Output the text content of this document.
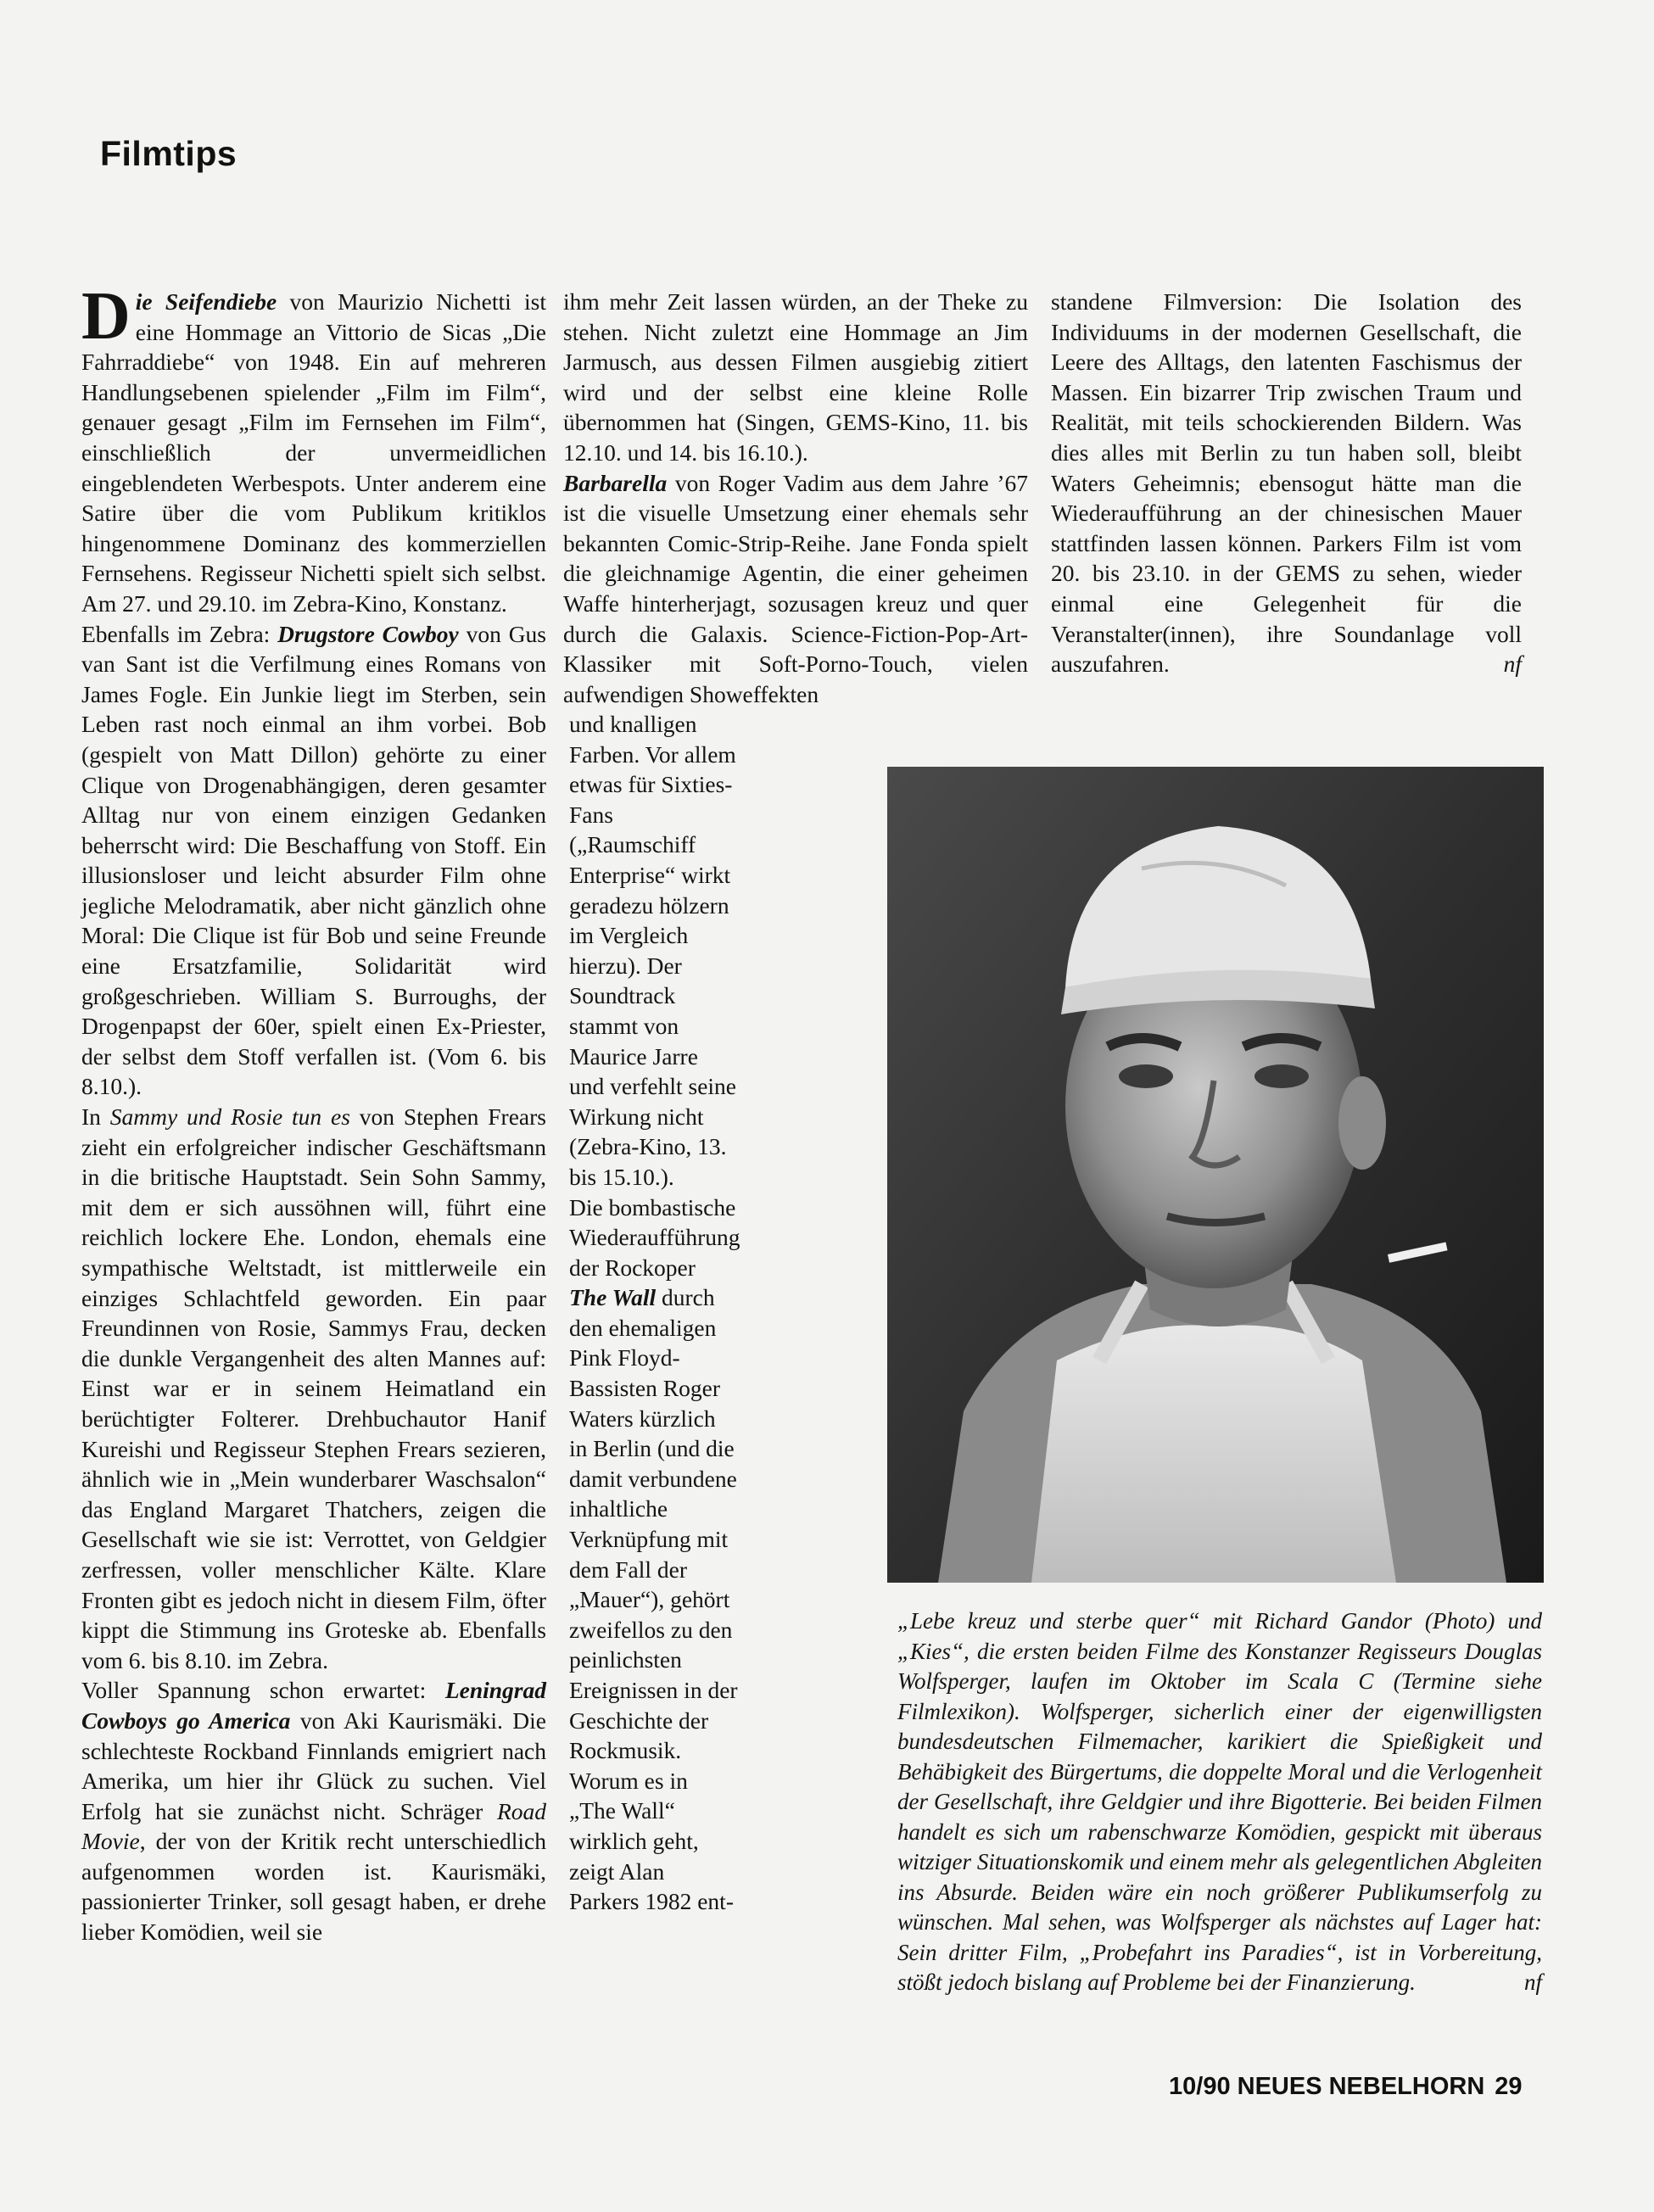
Filmtips

Die Seifendiebe von Maurizio Nichetti ist eine Hommage an Vittorio de Sicas „Die Fahrraddiebe“ von 1948. Ein auf mehreren Handlungsebenen spielender „Film im Film“, genauer gesagt „Film im Fernsehen im Film“, einschließlich der unvermeidlichen eingeblendeten Werbespots. Unter anderem eine Satire über die vom Publikum kritiklos hingenommene Dominanz des kommerziellen Fernsehens. Regisseur Nichetti spielt sich selbst. Am 27. und 29.10. im Zebra-Kino, Konstanz.

Ebenfalls im Zebra: Drugstore Cowboy von Gus van Sant ist die Verfilmung eines Romans von James Fogle. Ein Junkie liegt im Sterben, sein Leben rast noch einmal an ihm vorbei. Bob (gespielt von Matt Dillon) gehörte zu einer Clique von Drogenabhängigen, deren gesamter Alltag nur von einem einzigen Gedanken beherrscht wird: Die Beschaffung von Stoff. Ein illusionsloser und leicht absurder Film ohne jegliche Melodramatik, aber nicht gänzlich ohne Moral: Die Clique ist für Bob und seine Freunde eine Ersatzfamilie, Solidarität wird großgeschrieben. William S. Burroughs, der Drogenpapst der 60er, spielt einen Ex-Priester, der selbst dem Stoff verfallen ist. (Vom 6. bis 8.10.).

In Sammy und Rosie tun es von Stephen Frears zieht ein erfolgreicher indischer Geschäftsmann in die britische Hauptstadt. Sein Sohn Sammy, mit dem er sich aussöhnen will, führt eine reichlich lockere Ehe. London, ehemals eine sympathische Weltstadt, ist mittlerweile ein einziges Schlachtfeld geworden. Ein paar Freundinnen von Rosie, Sammys Frau, decken die dunkle Vergangenheit des alten Mannes auf: Einst war er in seinem Heimatland ein berüchtigter Folterer. Drehbuchautor Hanif Kureishi und Regisseur Stephen Frears sezieren, ähnlich wie in „Mein wunderbarer Waschsalon“ das England Margaret Thatchers, zeigen die Gesellschaft wie sie ist: Verrottet, von Geldgier zerfressen, voller menschlicher Kälte. Klare Fronten gibt es jedoch nicht in diesem Film, öfter kippt die Stimmung ins Groteske ab. Ebenfalls vom 6. bis 8.10. im Zebra.

Voller Spannung schon erwartet: Leningrad Cowboys go America von Aki Kaurismäki. Die schlechteste Rockband Finnlands emigriert nach Amerika, um hier ihr Glück zu suchen. Viel Erfolg hat sie zunächst nicht. Schräger Road Movie, der von der Kritik recht unterschiedlich aufgenommen worden ist. Kaurismäki, passionierter Trinker, soll gesagt haben, er drehe lieber Komödien, weil sie

ihm mehr Zeit lassen würden, an der Theke zu stehen. Nicht zuletzt eine Hommage an Jim Jarmusch, aus dessen Filmen ausgiebig zitiert wird und der selbst eine kleine Rolle übernommen hat (Singen, GEMS-Kino, 11. bis 12.10. und 14. bis 16.10.).

Barbarella von Roger Vadim aus dem Jahre ’67 ist die visuelle Umsetzung einer ehemals sehr bekannten Comic-Strip-Reihe. Jane Fonda spielt die gleichnamige Agentin, die einer geheimen Waffe hinterherjagt, sozusagen kreuz und quer durch die Galaxis. Science-Fiction-Pop-Art-Klassiker mit Soft-Porno-Touch, vielen aufwendigen Showeffekten

und knalligen Farben. Vor allem etwas für Sixties-Fans („Raumschiff Enterprise“ wirkt geradezu hölzern im Vergleich hierzu). Der Soundtrack stammt von Maurice Jarre und verfehlt seine Wirkung nicht (Zebra-Kino, 13. bis 15.10.).

Die bombastische Wiederaufführung der Rockoper The Wall durch den ehemaligen Pink Floyd-Bassisten Roger Waters kürzlich in Berlin (und die damit verbundene inhaltliche Verknüpfung mit dem Fall der „Mauer“), gehört zweifellos zu den peinlichsten Ereignissen in der Geschichte der Rockmusik. Worum es in „The Wall“ wirklich geht, zeigt Alan Parkers 1982 ent-

standene Filmversion: Die Isolation des Individuums in der modernen Gesellschaft, die Leere des Alltags, den latenten Faschismus der Massen. Ein bizarrer Trip zwischen Traum und Realität, mit teils schockierenden Bildern. Was dies alles mit Berlin zu tun haben soll, bleibt Waters Geheimnis; ebensogut hätte man die Wiederaufführung an der chinesischen Mauer stattfinden lassen können. Parkers Film ist vom 20. bis 23.10. in der GEMS zu sehen, wieder einmal eine Gelegenheit für die Veranstalter(innen), ihre Soundanlage voll auszufahren.	nf

„Lebe kreuz und sterbe quer“ mit Richard Gandor (Photo) und „Kies“, die ersten beiden Filme des Konstanzer Regisseurs Douglas Wolfsperger, laufen im Oktober im Scala C (Termine siehe Filmlexikon). Wolfsperger, sicherlich einer der eigenwilligsten bundesdeutschen Filmemacher, karikiert die Spießigkeit und Behäbigkeit des Bürgertums, die doppelte Moral und die Verlogenheit der Gesellschaft, ihre Geldgier und ihre Bigotterie. Bei beiden Filmen handelt es sich um rabenschwarze Komödien, gespickt mit überaus witziger Situationskomik und einem mehr als gelegentlichen Abgleiten ins Absurde. Beiden wäre ein noch größerer Publikumserfolg zu wünschen. Mal sehen, was Wolfsperger als nächstes auf Lager hat: Sein dritter Film, „Probefahrt ins Paradies“, ist in Vorbereitung, stößt jedoch bislang auf Probleme bei der Finanzierung.	nf
10/90 NEUES NEBELHORN 29
